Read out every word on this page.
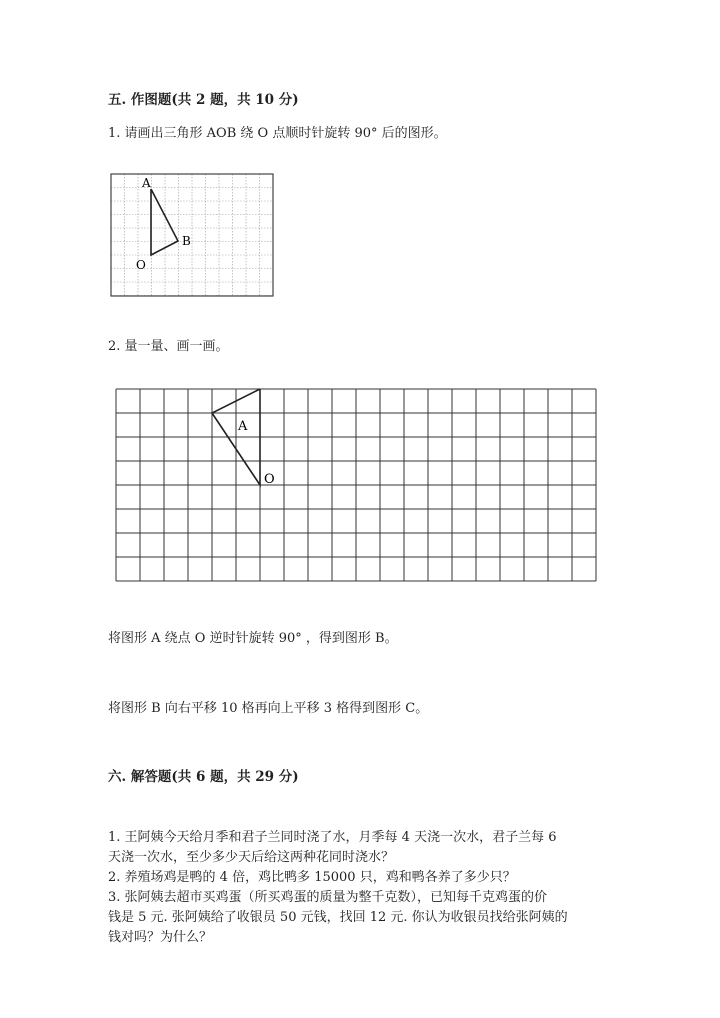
五. 作图题(共 2 题，共 10 分)
1. 请画出三角形 AOB 绕 O 点顺时针旋转 90° 后的图形。
A
B
O
2. 量一量、画一画。
A
O
将图形 A 绕点 O 逆时针旋转 90° ，得到图形 B。
将图形 B 向右平移 10 格再向上平移 3 格得到图形 C。
六. 解答题(共 6 题，共 29 分)
1. 王阿姨今天给月季和君子兰同时浇了水，月季每 4 天浇一次水，君子兰每 6
天浇一次水，至少多少天后给这两种花同时浇水？
2. 养殖场鸡是鸭的 4 倍，鸡比鸭多 15000 只，鸡和鸭各养了多少只？
3. 张阿姨去超市买鸡蛋（所买鸡蛋的质量为整千克数），已知每千克鸡蛋的价
钱是 5 元. 张阿姨给了收银员 50 元钱，找回 12 元. 你认为收银员找给张阿姨的
钱对吗？为什么？
